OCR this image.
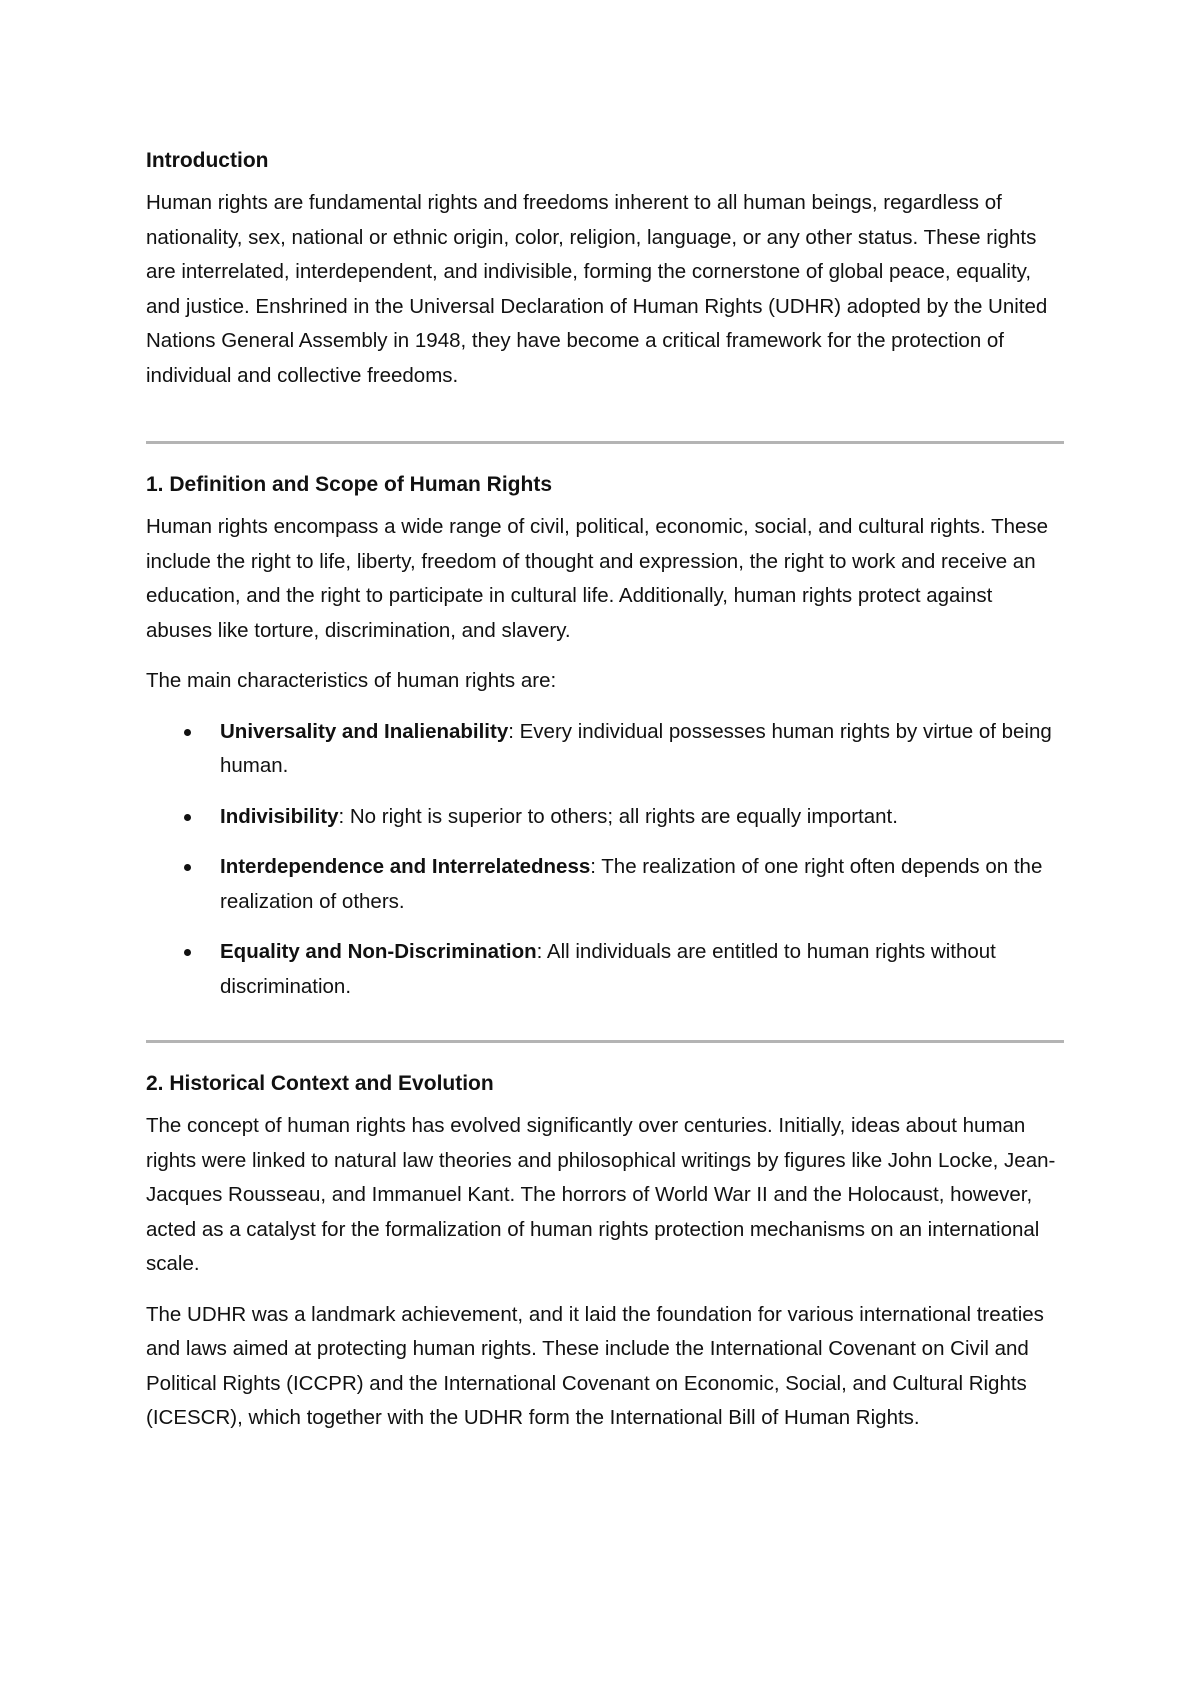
Introduction

Human rights are fundamental rights and freedoms inherent to all human beings, regardless of nationality, sex, national or ethnic origin, color, religion, language, or any other status. These rights are interrelated, interdependent, and indivisible, forming the cornerstone of global peace, equality, and justice. Enshrined in the Universal Declaration of Human Rights (UDHR) adopted by the United Nations General Assembly in 1948, they have become a critical framework for the protection of individual and collective freedoms.

1. Definition and Scope of Human Rights

Human rights encompass a wide range of civil, political, economic, social, and cultural rights. These include the right to life, liberty, freedom of thought and expression, the right to work and receive an education, and the right to participate in cultural life. Additionally, human rights protect against abuses like torture, discrimination, and slavery.

The main characteristics of human rights are:

Universality and Inalienability: Every individual possesses human rights by virtue of being human.
Indivisibility: No right is superior to others; all rights are equally important.
Interdependence and Interrelatedness: The realization of one right often depends on the realization of others.
Equality and Non-Discrimination: All individuals are entitled to human rights without discrimination.
2. Historical Context and Evolution

The concept of human rights has evolved significantly over centuries. Initially, ideas about human rights were linked to natural law theories and philosophical writings by figures like John Locke, Jean-Jacques Rousseau, and Immanuel Kant. The horrors of World War II and the Holocaust, however, acted as a catalyst for the formalization of human rights protection mechanisms on an international scale.

The UDHR was a landmark achievement, and it laid the foundation for various international treaties and laws aimed at protecting human rights. These include the International Covenant on Civil and Political Rights (ICCPR) and the International Covenant on Economic, Social, and Cultural Rights (ICESCR), which together with the UDHR form the International Bill of Human Rights.
